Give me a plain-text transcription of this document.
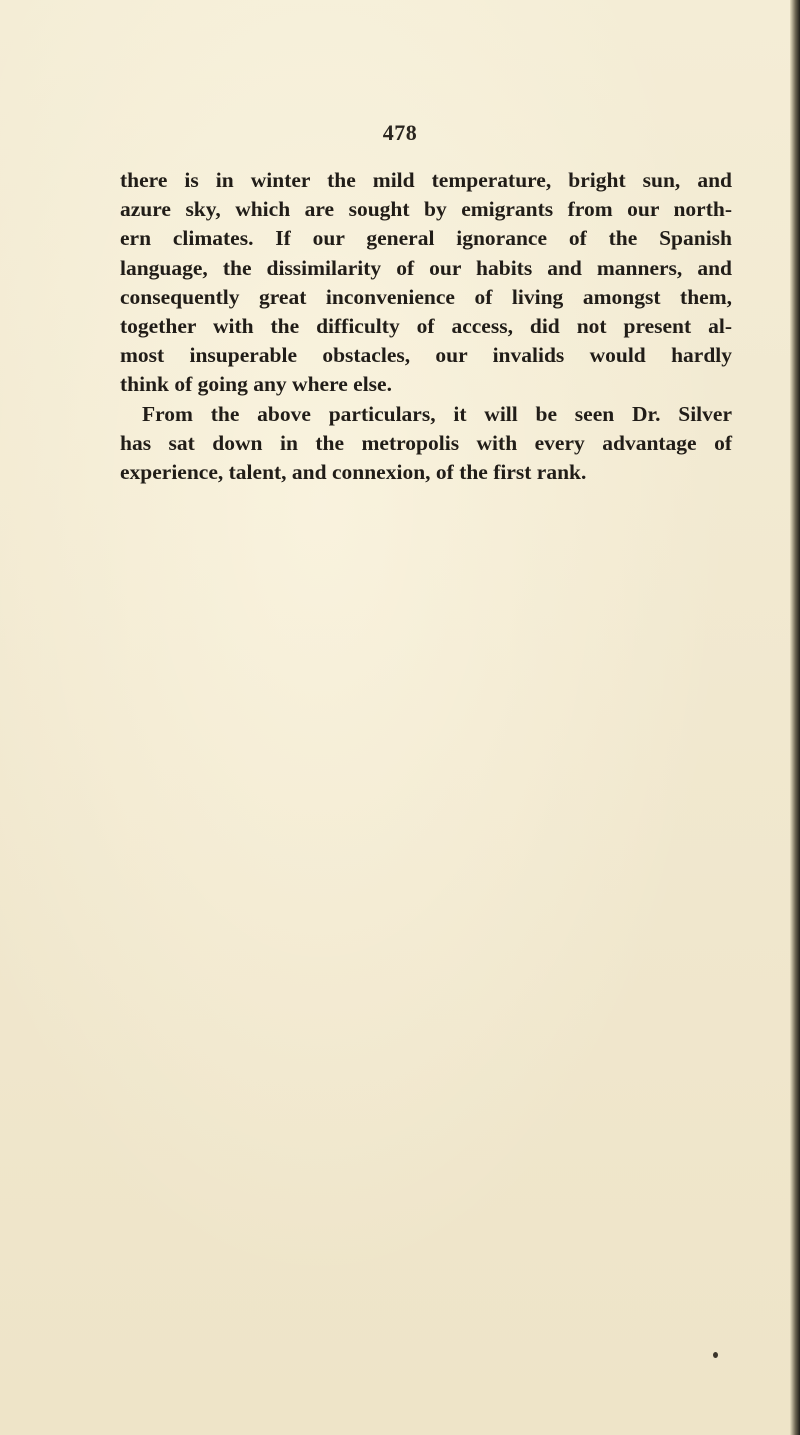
478
there is in winter the mild temperature, bright sun, and
azure sky, which are sought by emigrants from our north-
ern climates. If our general ignorance of the Spanish
language, the dissimilarity of our habits and manners, and
consequently great inconvenience of living amongst them,
together with the difficulty of access, did not present al-
most insuperable obstacles, our invalids would hardly
think of going any where else.
From the above particulars, it will be seen Dr. Silver
has sat down in the metropolis with every advantage of
experience, talent, and connexion, of the first rank.
